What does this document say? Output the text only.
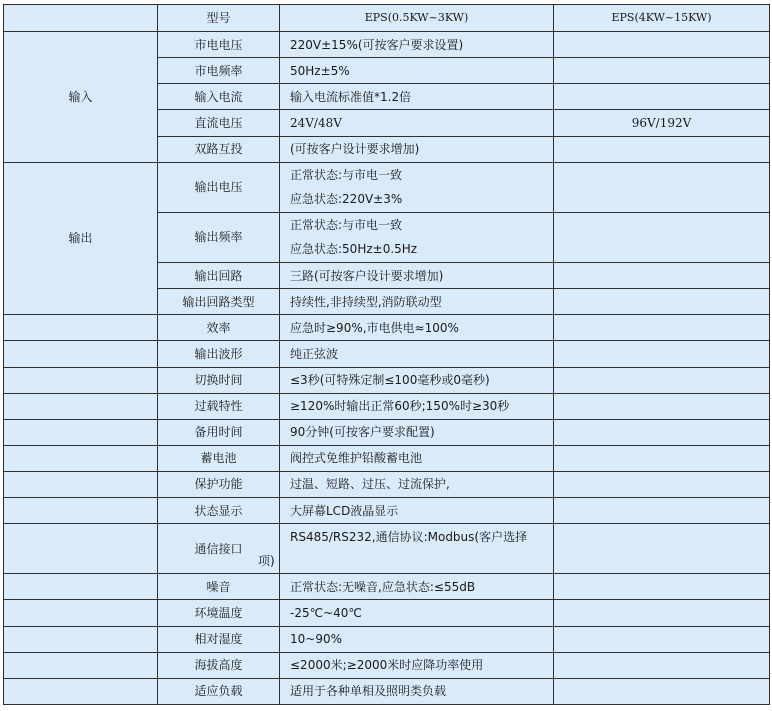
	型号	EPS(0.5KW~3KW)	EPS(4KW~15KW)
输入	市电电压	220V±15%(可按客户要求设置)	
	市电频率	50Hz±5%	
	输入电流	输入电流标准值*1.2倍	
	直流电压	24V/48V	96V/192V
	双路互投	(可按客户设计要求增加)	
输出	输出电压	正常状态:与市电一致
应急状态:220V±3%	

	输出频率	正常状态:与市电一致
应急状态:50Hz±0.5Hz	

	输出回路	三路(可按客户设计要求增加)	
	输出回路类型	持续性,非持续型,消防联动型	
	效率	应急时≥90%,市电供电≈100%	
	输出波形	纯正弦波	
	切换时间	≤3秒(可特殊定制≤100毫秒或0毫秒)	
	过载特性	≥120%时输出正常60秒;150%时≥30秒	
	备用时间	90分钟(可按客户要求配置)	
	蓄电池	阀控式免维护铅酸蓄电池	
	保护功能	过温、短路、过压、过流保护,	
	状态显示	大屏幕LCD液晶显示	
	通信接口	RS485/RS232,通信协议:Modbus(客户选择
项)	

	噪音	正常状态:无噪音,应急状态:≤55dB	
	环境温度	-25℃~40℃	
	相对湿度	10~90%	
	海拔高度	≤2000米;≥2000米时应降功率使用	
	适应负载	适用于各种单相及照明类负载	
